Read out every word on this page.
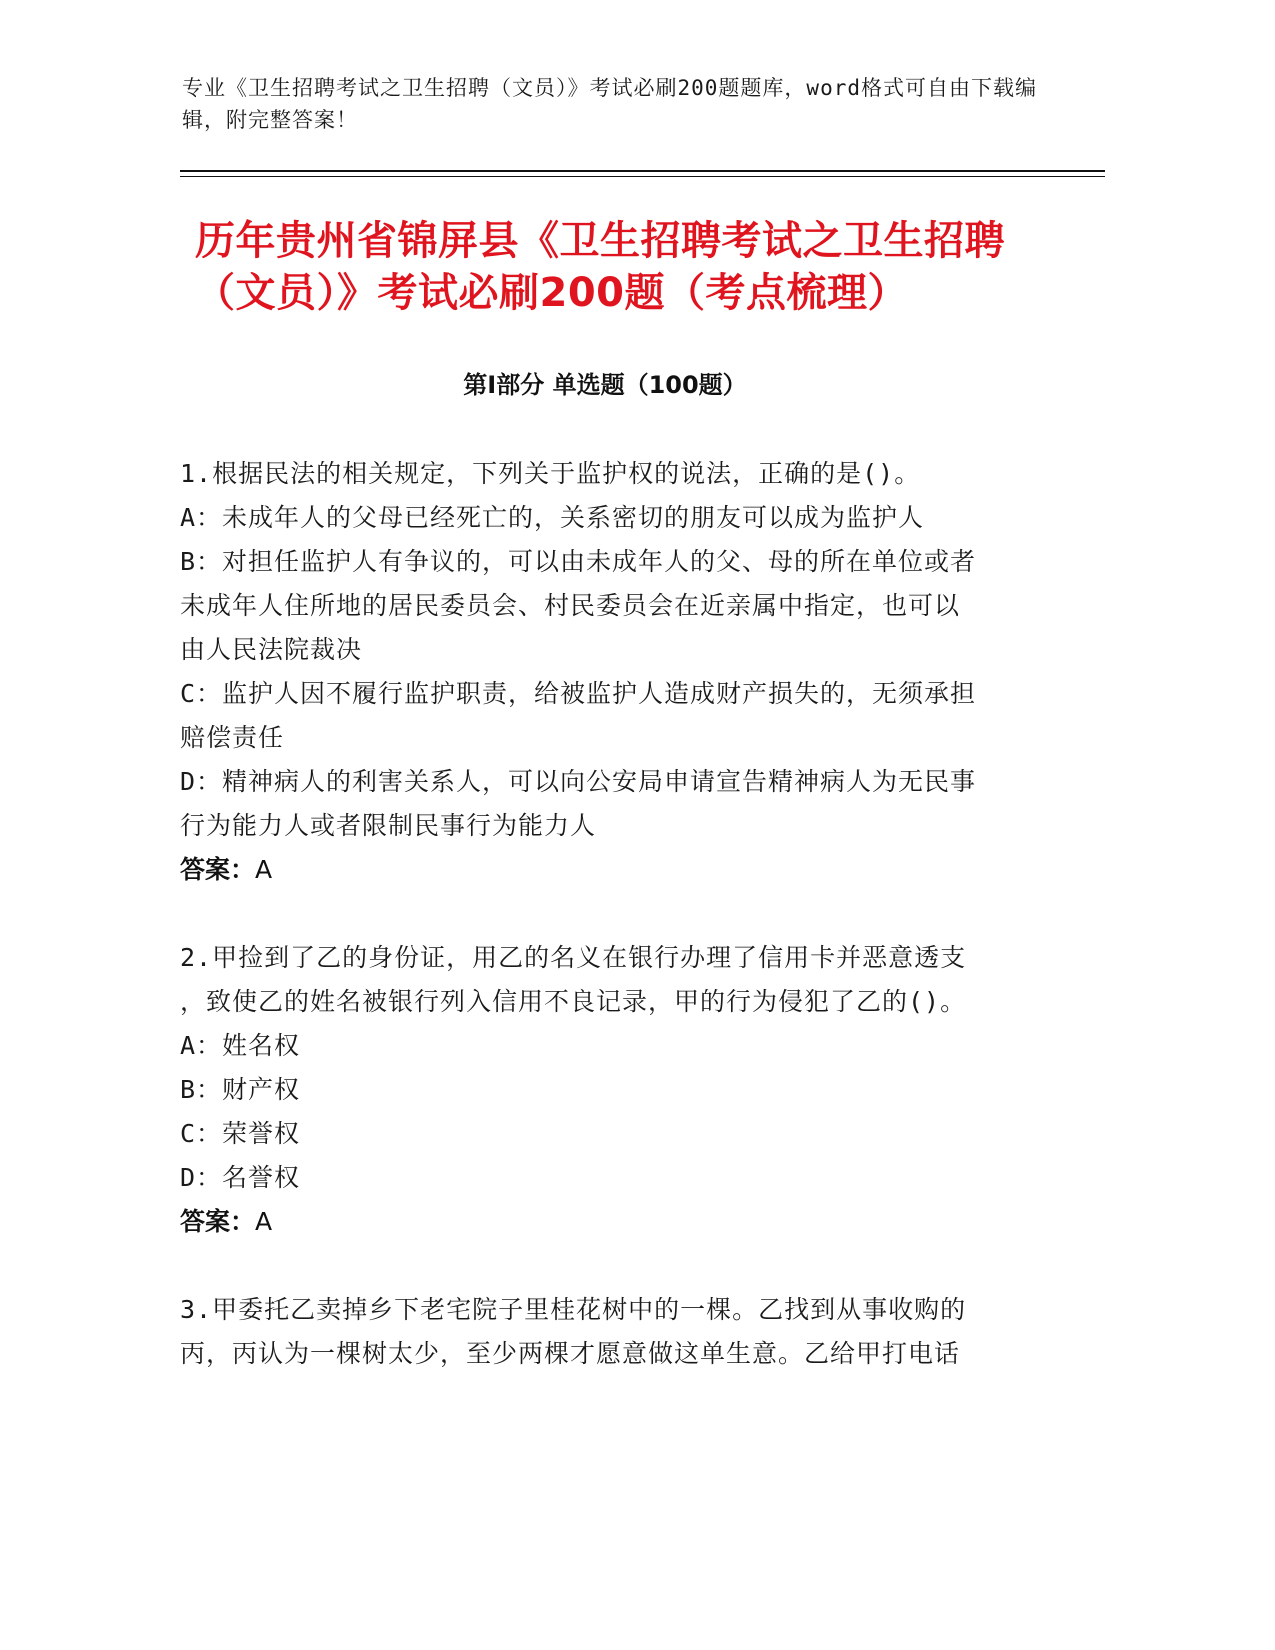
专业《卫生招聘考试之卫生招聘（文员）》考试必刷200题题库，word格式可自由下载编辑，附完整答案！
历年贵州省锦屏县《卫生招聘考试之卫生招聘（文员）》考试必刷200题（考点梳理）
第Ⅰ部分 单选题（100题）

1.根据民法的相关规定，下列关于监护权的说法，正确的是()。

A：未成年人的父母已经死亡的，关系密切的朋友可以成为监护人

B：对担任监护人有争议的，可以由未成年人的父、母的所在单位或者

未成年人住所地的居民委员会、村民委员会在近亲属中指定，也可以

由人民法院裁决

C：监护人因不履行监护职责，给被监护人造成财产损失的，无须承担

赔偿责任

D：精神病人的利害关系人，可以向公安局申请宣告精神病人为无民事

行为能力人或者限制民事行为能力人

答案：A

2.甲捡到了乙的身份证，用乙的名义在银行办理了信用卡并恶意透支

，致使乙的姓名被银行列入信用不良记录，甲的行为侵犯了乙的()。

A：姓名权

B：财产权

C：荣誉权

D：名誉权

答案：A

3.甲委托乙卖掉乡下老宅院子里桂花树中的一棵。乙找到从事收购的

丙，丙认为一棵树太少，至少两棵才愿意做这单生意。乙给甲打电话
